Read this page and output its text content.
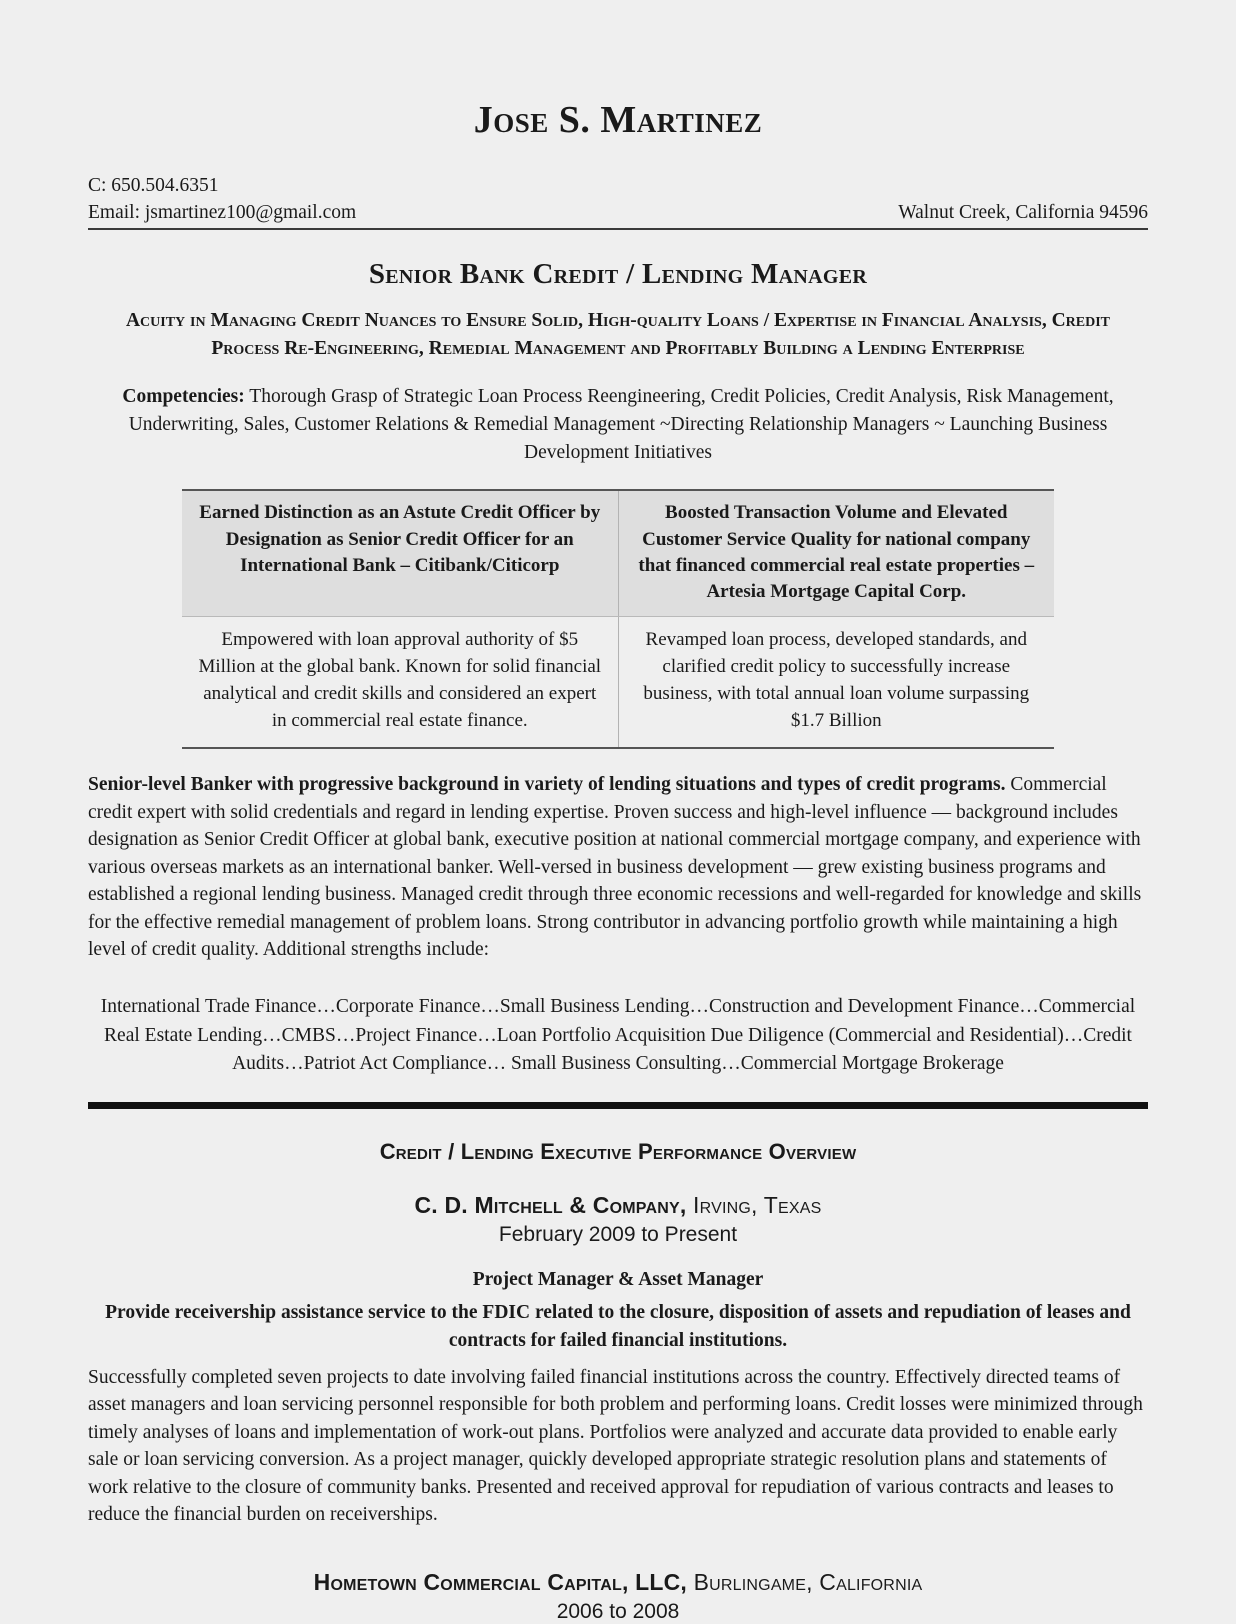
Jose S. Martinez
C: 650.504.6351
Email: jsmartinez100@gmail.com	Walnut Creek, California 94596
Senior Bank Credit / Lending Manager
Acuity in Managing Credit Nuances to Ensure Solid, High-quality Loans / Expertise in Financial Analysis, Credit Process Re-Engineering, Remedial Management and Profitably Building a Lending Enterprise
Competencies: Thorough Grasp of Strategic Loan Process Reengineering, Credit Policies, Credit Analysis, Risk Management, Underwriting, Sales, Customer Relations & Remedial Management ~Directing Relationship Managers ~ Launching Business Development Initiatives
Earned Distinction as an Astute Credit Officer by Designation as Senior Credit Officer for an International Bank – Citibank/Citicorp	Boosted Transaction Volume and Elevated Customer Service Quality for national company that financed commercial real estate properties – Artesia Mortgage Capital Corp.
Empowered with loan approval authority of $5 Million at the global bank. Known for solid financial analytical and credit skills and considered an expert in commercial real estate finance.	Revamped loan process, developed standards, and clarified credit policy to successfully increase business, with total annual loan volume surpassing $1.7 Billion
Senior-level Banker with progressive background in variety of lending situations and types of credit programs. Commercial credit expert with solid credentials and regard in lending expertise. Proven success and high-level influence — background includes designation as Senior Credit Officer at global bank, executive position at national commercial mortgage company, and experience with various overseas markets as an international banker. Well-versed in business development — grew existing business programs and established a regional lending business. Managed credit through three economic recessions and well-regarded for knowledge and skills for the effective remedial management of problem loans. Strong contributor in advancing portfolio growth while maintaining a high level of credit quality. Additional strengths include:
International Trade Finance…Corporate Finance…Small Business Lending…Construction and Development Finance…Commercial Real Estate Lending…CMBS…Project Finance…Loan Portfolio Acquisition Due Diligence (Commercial and Residential)…Credit Audits…Patriot Act Compliance… Small Business Consulting…Commercial Mortgage Brokerage
Credit / Lending Executive Performance Overview
C. D. Mitchell & Company, Irving, Texas
February 2009 to Present
Project Manager & Asset Manager
Provide receivership assistance service to the FDIC related to the closure, disposition of assets and repudiation of leases and contracts for failed financial institutions.
Successfully completed seven projects to date involving failed financial institutions across the country. Effectively directed teams of asset managers and loan servicing personnel responsible for both problem and performing loans. Credit losses were minimized through timely analyses of loans and implementation of work-out plans. Portfolios were analyzed and accurate data provided to enable early sale or loan servicing conversion. As a project manager, quickly developed appropriate strategic resolution plans and statements of work relative to the closure of community banks. Presented and received approval for repudiation of various contracts and leases to reduce the financial burden on receiverships.
Hometown Commercial Capital, LLC, Burlingame, California
2006 to 2008
